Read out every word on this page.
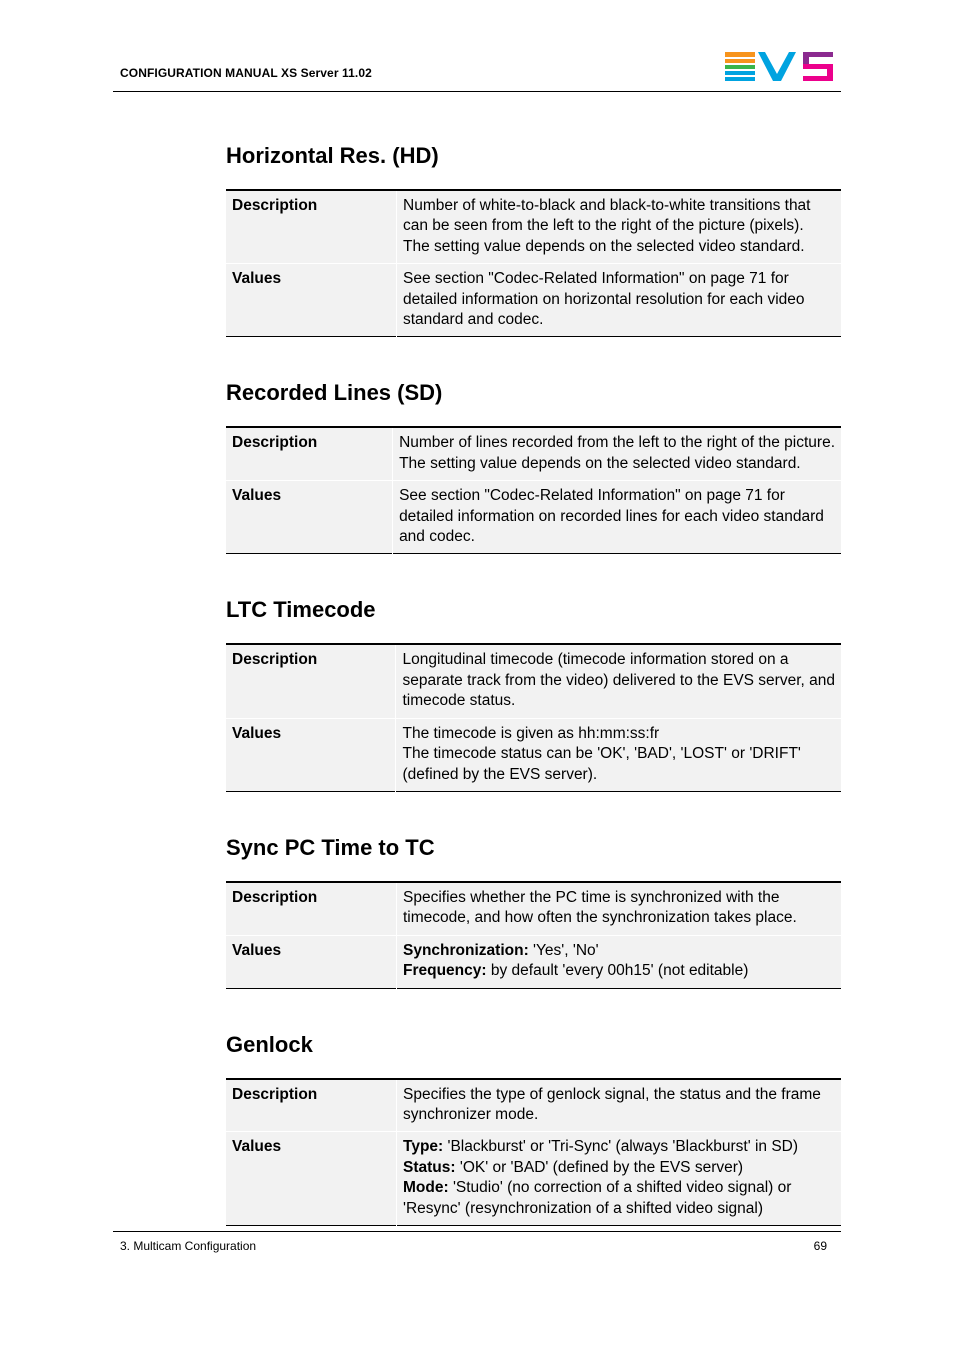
CONFIGURATION MANUAL XS Server 11.02
Horizontal Res. (HD)
Description	Number of white-to-black and black-to-white transitions that
can be seen from the left to the right of the picture (pixels).
The setting value depends on the selected video standard.

Values	See section "Codec-Related Information" on page 71 for
detailed information on horizontal resolution for each video
standard and codec.
Recorded Lines (SD)
Description	Number of lines recorded from the left to the right of the picture.
The setting value depends on the selected video standard.

Values	See section "Codec-Related Information" on page 71 for
detailed information on recorded lines for each video standard
and codec.
LTC Timecode
Description	Longitudinal timecode (timecode information stored on a
separate track from the video) delivered to the EVS server, and
timecode status.

Values	The timecode is given as hh:mm:ss:fr
The timecode status can be 'OK', 'BAD', 'LOST' or 'DRIFT'
(defined by the EVS server).
Sync PC Time to TC
Description	Specifies whether the PC time is synchronized with the
timecode, and how often the synchronization takes place.

Values	Synchronization: 'Yes', 'No'
Frequency: by default 'every 00h15' (not editable)
Genlock
Description	Specifies the type of genlock signal, the status and the frame
synchronizer mode.

Values	Type: 'Blackburst' or 'Tri-Sync' (always 'Blackburst' in SD)
Status: 'OK' or 'BAD' (defined by the EVS server)
Mode: 'Studio' (no correction of a shifted video signal) or
'Resync' (resynchronization of a shifted video signal)
3. Multicam Configuration	69
